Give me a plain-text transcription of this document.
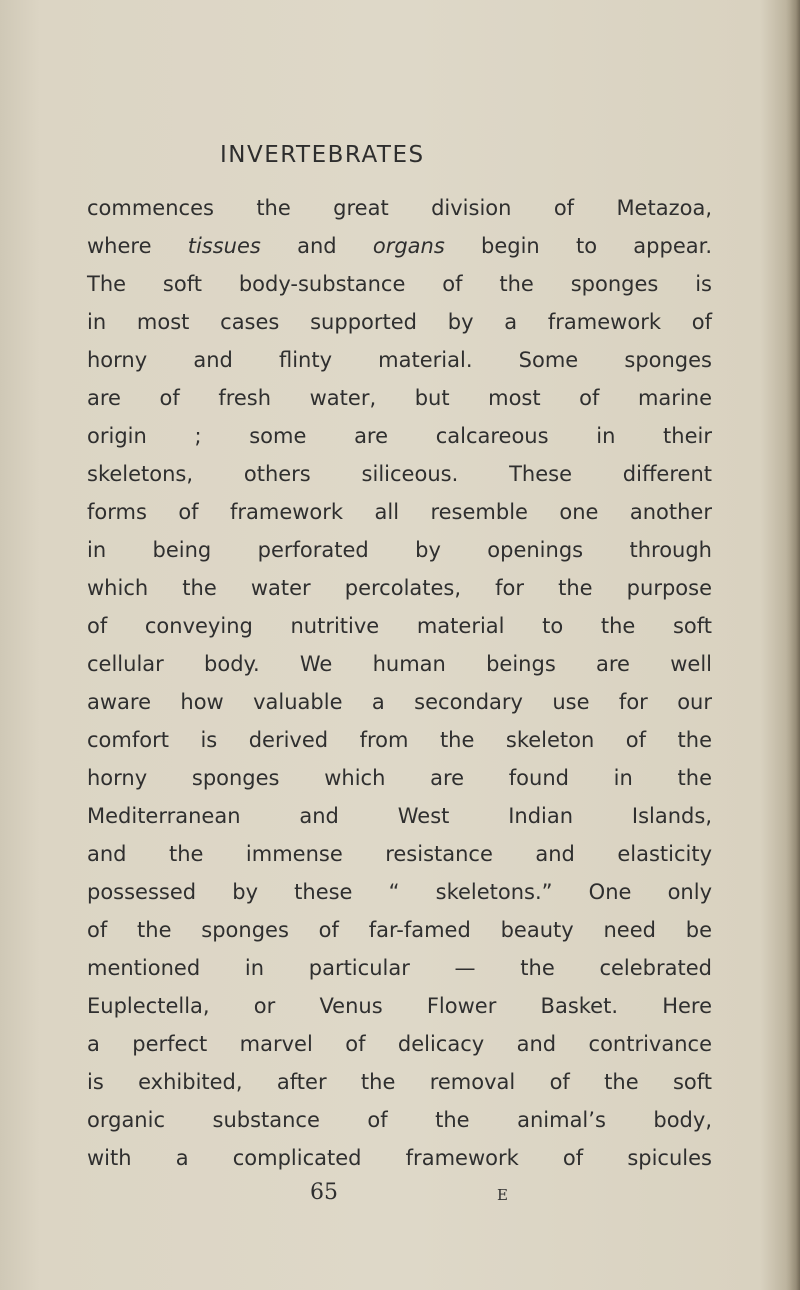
INVERTEBRATES
commences the great division of Metazoa,
where tissues and organs begin to appear.
The soft body-substance of the sponges is
in most cases supported by a framework of
horny and flinty material. Some sponges
are of fresh water, but most of marine
origin ; some are calcareous in their
skeletons, others siliceous. These different
forms of framework all resemble one another
in being perforated by openings through
which the water percolates, for the purpose
of conveying nutritive material to the soft
cellular body. We human beings are well
aware how valuable a secondary use for our
comfort is derived from the skeleton of the
horny sponges which are found in the
Mediterranean and West Indian Islands,
and the immense resistance and elasticity
possessed by these “ skeletons.” One only
of the sponges of far-famed beauty need be
mentioned in particular — the celebrated
Euplectella, or Venus Flower Basket. Here
a perfect marvel of delicacy and contrivance
is exhibited, after the removal of the soft
organic substance of the animal’s body,
with a complicated framework of spicules
65	E
